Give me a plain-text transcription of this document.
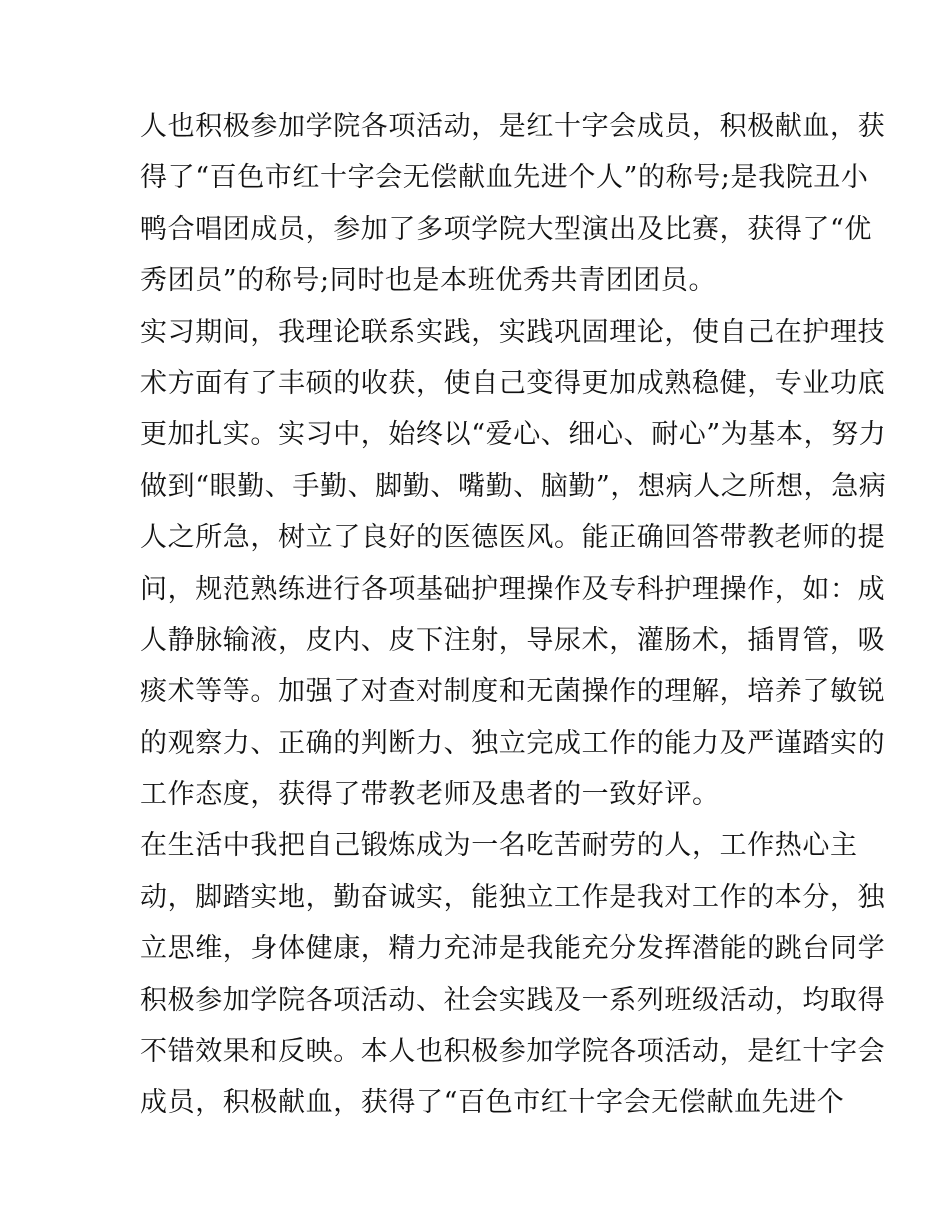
人也积极参加学院各项活动，是红十字会成员，积极献血，获
得了“百色市红十字会无偿献血先进个人”的称号;是我院丑小
鸭合唱团成员，参加了多项学院大型演出及比赛，获得了“优
秀团员”的称号;同时也是本班优秀共青团团员。
实习期间，我理论联系实践，实践巩固理论，使自己在护理技
术方面有了丰硕的收获，使自己变得更加成熟稳健，专业功底
更加扎实。实习中，始终以“爱心、细心、耐心”为基本，努力
做到“眼勤、手勤、脚勤、嘴勤、脑勤”，想病人之所想，急病
人之所急，树立了良好的医德医风。能正确回答带教老师的提
问，规范熟练进行各项基础护理操作及专科护理操作，如：成
人静脉输液，皮内、皮下注射，导尿术，灌肠术，插胃管，吸
痰术等等。加强了对查对制度和无菌操作的理解，培养了敏锐
的观察力、正确的判断力、独立完成工作的能力及严谨踏实的
工作态度，获得了带教老师及患者的一致好评。
在生活中我把自己锻炼成为一名吃苦耐劳的人，工作热心主
动，脚踏实地，勤奋诚实，能独立工作是我对工作的本分，独
立思维，身体健康，精力充沛是我能充分发挥潜能的跳台同学
积极参加学院各项活动、社会实践及一系列班级活动，均取得
不错效果和反映。本人也积极参加学院各项活动，是红十字会
成员，积极献血，获得了“百色市红十字会无偿献血先进个
